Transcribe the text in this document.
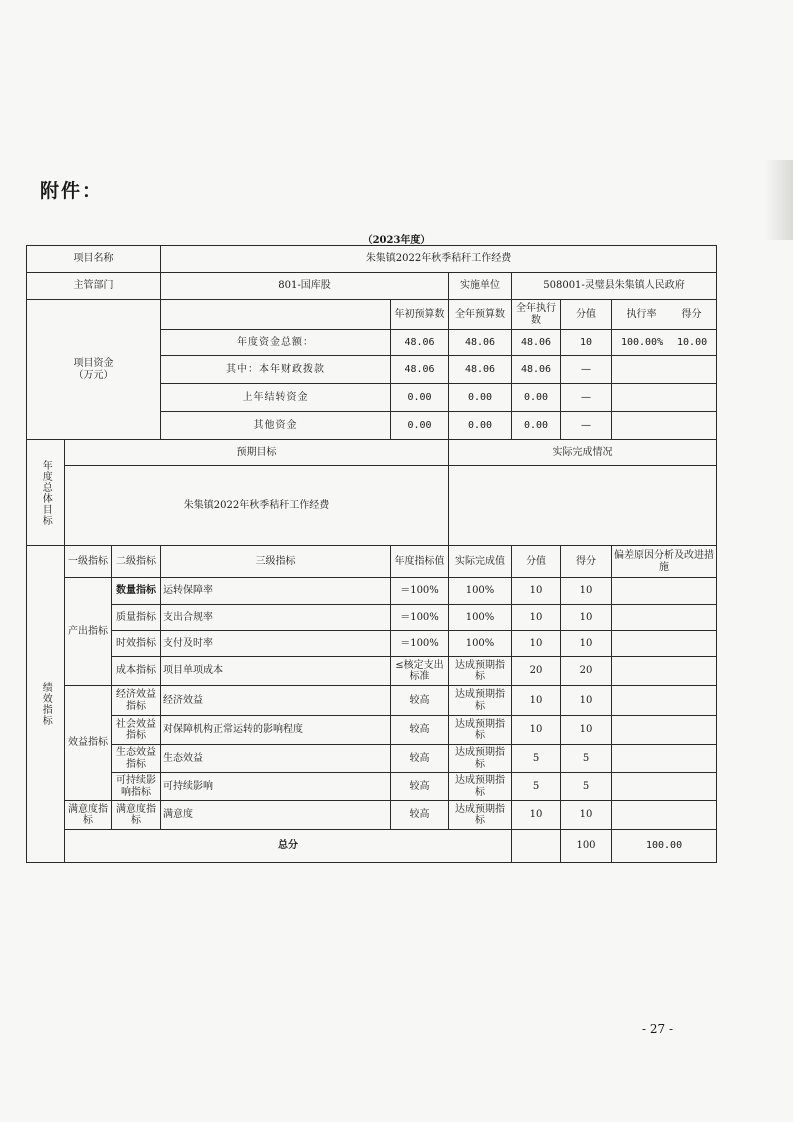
附件：
（2023年度）
项目名称			朱集镇2022年秋季秸秆工作经费						
主管部门			801-国库股		实施单位	508001-灵璧县朱集镇人民政府			

项目资金
（万元）				年初预算数	全年预算数	全年执行数	分值	执行率 得分	

			年度资金总额：	48.06	48.06	48.06	10	100.00% 10.00	

			其中：本年财政拨款	48.06	48.06	48.06	—		
			上年结转资金	0.00	0.00	0.00	—		
			其他资金	0.00	0.00	0.00	—		

年度总体目标	预期目标				实际完成情况				
	朱集镇2022年秋季秸秆工作经费								

绩效指标	一级指标	二级指标	三级指标	年度指标值	实际完成值	分值	得分	偏差原因分析及改进措施	
	产出指标	数量指标	运转保障率	＝100%	100%	10	10		
		质量指标	支出合规率	＝100%	100%	10	10		
		时效指标	支付及时率	＝100%	100%	10	10		
		成本指标	项目单项成本	≤核定支出标准	达成预期指标	20	20		
	效益指标	经济效益指标	经济效益	较高	达成预期指标	10	10		
		社会效益指标	对保障机构正常运转的影响程度	较高	达成预期指标	10	10		
		生态效益指标	生态效益	较高	达成预期指标	5	5		
		可持续影响指标	可持续影响	较高	达成预期指标	5	5		
	满意度指标	满意度指标	满意度	较高	达成预期指标	10	10		
	总分						100	100.00	
- 27 -
